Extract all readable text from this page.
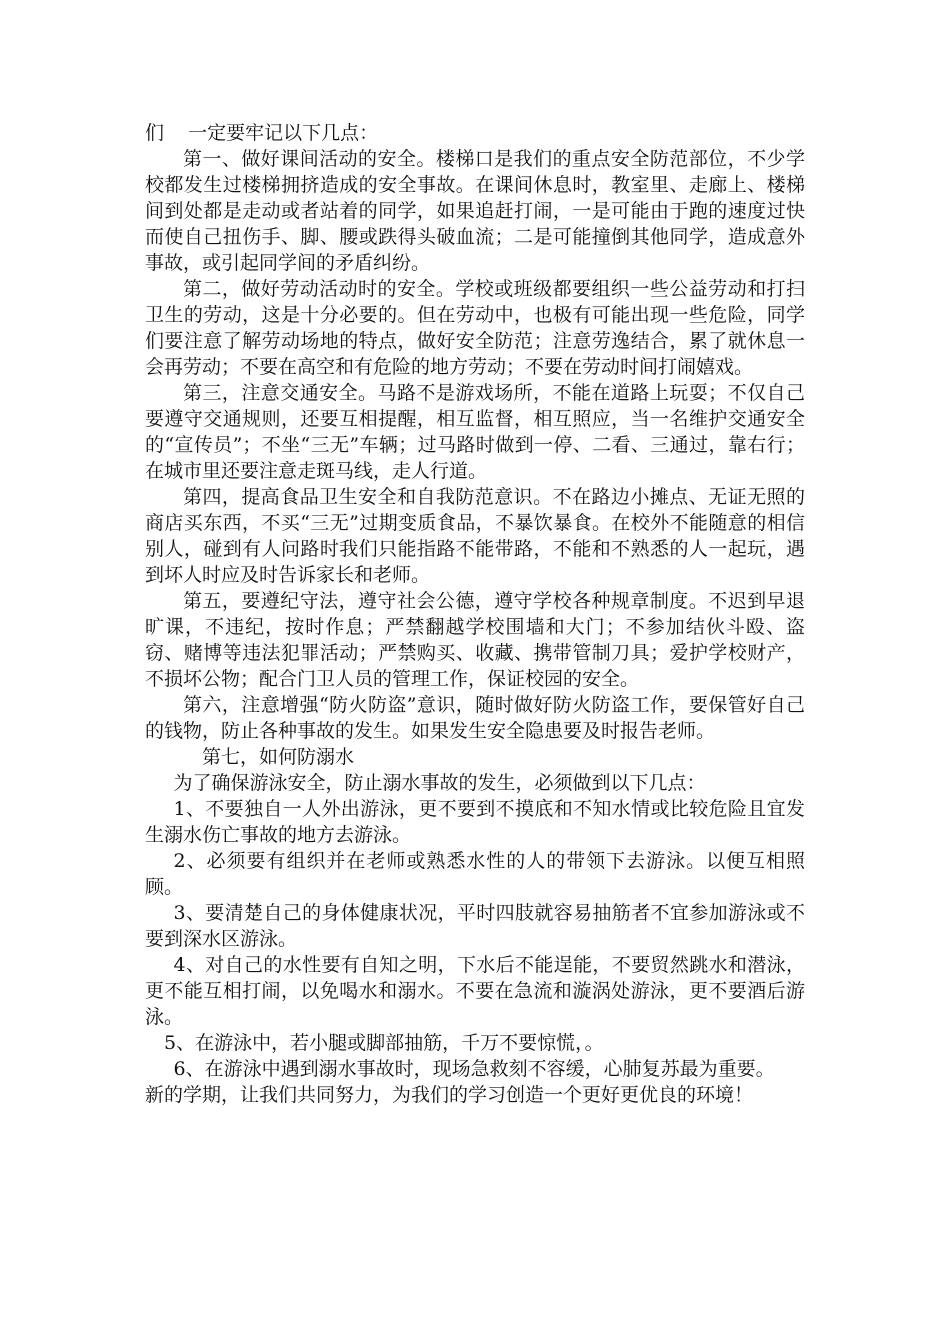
们    一定要牢记以下几点：

第一、做好课间活动的安全。楼梯口是我们的重点安全防范部位，不少学校都发生过楼梯拥挤造成的安全事故。在课间休息时，教室里、走廊上、楼梯间到处都是走动或者站着的同学，如果追赶打闹，一是可能由于跑的速度过快而使自己扭伤手、脚、腰或跌得头破血流；二是可能撞倒其他同学，造成意外事故，或引起同学间的矛盾纠纷。

第二，做好劳动活动时的安全。学校或班级都要组织一些公益劳动和打扫卫生的劳动，这是十分必要的。但在劳动中，也极有可能出现一些危险，同学们要注意了解劳动场地的特点，做好安全防范；注意劳逸结合，累了就休息一会再劳动；不要在高空和有危险的地方劳动；不要在劳动时间打闹嬉戏。

第三，注意交通安全。马路不是游戏场所，不能在道路上玩耍；不仅自己要遵守交通规则，还要互相提醒，相互监督，相互照应，当一名维护交通安全的“宣传员”；不坐“三无”车辆；过马路时做到一停、二看、三通过，靠右行；在城市里还要注意走斑马线，走人行道。

第四，提高食品卫生安全和自我防范意识。不在路边小摊点、无证无照的商店买东西，不买“三无”过期变质食品，不暴饮暴食。在校外不能随意的相信别人，碰到有人问路时我们只能指路不能带路，不能和不熟悉的人一起玩，遇到坏人时应及时告诉家长和老师。

第五，要遵纪守法，遵守社会公德，遵守学校各种规章制度。不迟到早退旷课，不违纪，按时作息；严禁翻越学校围墙和大门；不参加结伙斗殴、盗窃、赌博等违法犯罪活动；严禁购买、收藏、携带管制刀具；爱护学校财产，不损坏公物；配合门卫人员的管理工作，保证校园的安全。

第六，注意增强“防火防盗”意识，随时做好防火防盗工作，要保管好自己的钱物，防止各种事故的发生。如果发生安全隐患要及时报告老师。

第七，如何防溺水

为了确保游泳安全，防止溺水事故的发生，必须做到以下几点：

1、不要独自一人外出游泳，更不要到不摸底和不知水情或比较危险且宜发生溺水伤亡事故的地方去游泳。

2、必须要有组织并在老师或熟悉水性的人的带领下去游泳。以便互相照顾。

3、要清楚自己的身体健康状况，平时四肢就容易抽筋者不宜参加游泳或不要到深水区游泳。

4、对自己的水性要有自知之明，下水后不能逞能，不要贸然跳水和潜泳，更不能互相打闹，以免喝水和溺水。不要在急流和漩涡处游泳，更不要酒后游泳。

5、在游泳中，若小腿或脚部抽筋，千万不要惊慌，。

6、在游泳中遇到溺水事故时，现场急救刻不容缓，心肺复苏最为重要。

新的学期，让我们共同努力，为我们的学习创造一个更好更优良的环境！
